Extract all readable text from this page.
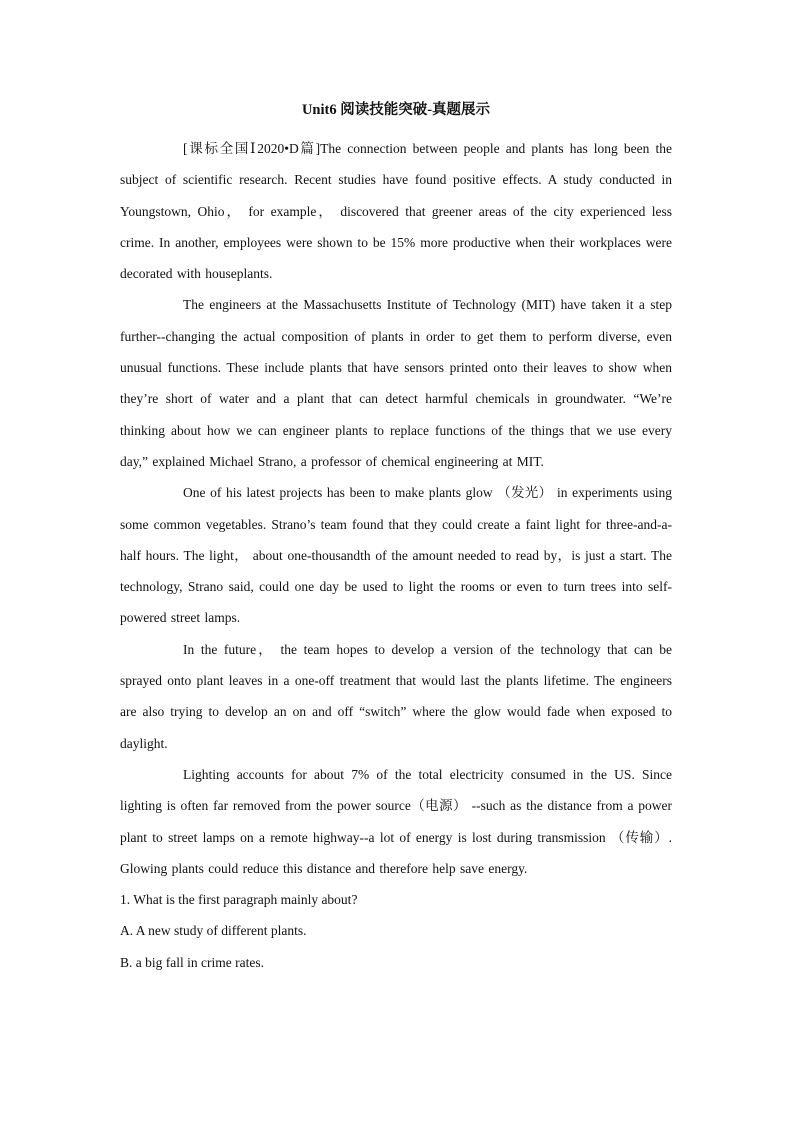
Unit6 阅读技能突破-真题展示

[课标全国Ⅰ2020•D篇]The connection between people and plants has long been the subject of scientific research. Recent studies have found positive effects. A study conducted in Youngstown, Ohio， for example， discovered that greener areas of the city experienced less crime. In another, employees were shown to be 15% more productive when their workplaces were decorated with houseplants.

The engineers at the Massachusetts Institute of Technology (MIT) have taken it a step further--changing the actual composition of plants in order to get them to perform diverse, even unusual functions. These include plants that have sensors printed onto their leaves to show when they’re short of water and a plant that can detect harmful chemicals in groundwater. “We’re thinking about how we can engineer plants to replace functions of the things that we use every day,” explained Michael Strano, a professor of chemical engineering at MIT.

One of his latest projects has been to make plants glow （发光） in experiments using some common vegetables. Strano’s team found that they could create a faint light for three-and-a-half hours. The light， about one-thousandth of the amount needed to read by，is just a start. The technology, Strano said, could one day be used to light the rooms or even to turn trees into self-powered street lamps.

In the future， the team hopes to develop a version of the technology that can be sprayed onto plant leaves in a one-off treatment that would last the plants lifetime. The engineers are also trying to develop an on and off “switch” where the glow would fade when exposed to daylight.

Lighting accounts for about 7% of the total electricity consumed in the US. Since lighting is often far removed from the power source（电源） --such as the distance from a power plant to street lamps on a remote highway--a lot of energy is lost during transmission （传输）. Glowing plants could reduce this distance and therefore help save energy.

1. What is the first paragraph mainly about?

A. A new study of different plants.

B. a big fall in crime rates.
